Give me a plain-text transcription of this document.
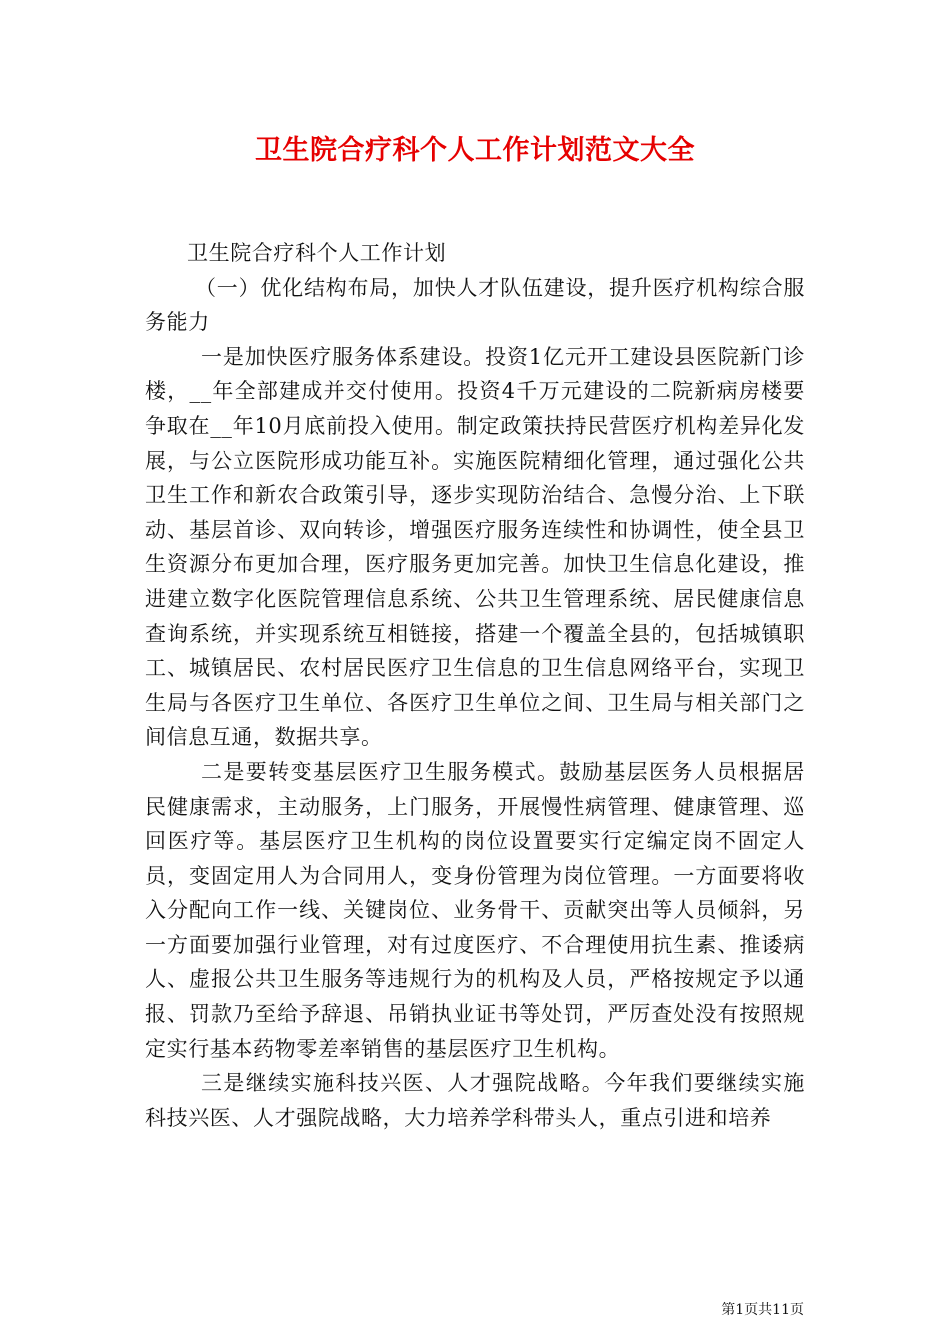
卫生院合疗科个人工作计划范文大全

卫生院合疗科个人工作计划

（一）优化结构布局，加快人才队伍建设，提升医疗机构综合服务能力

一是加快医疗服务体系建设。投资1亿元开工建设县医院新门诊楼，__年全部建成并交付使用。投资4千万元建设的二院新病房楼要争取在__年10月底前投入使用。制定政策扶持民营医疗机构差异化发展，与公立医院形成功能互补。实施医院精细化管理，通过强化公共卫生工作和新农合政策引导，逐步实现防治结合、急慢分治、上下联动、基层首诊、双向转诊，增强医疗服务连续性和协调性，使全县卫生资源分布更加合理，医疗服务更加完善。加快卫生信息化建设，推进建立数字化医院管理信息系统、公共卫生管理系统、居民健康信息查询系统，并实现系统互相链接，搭建一个覆盖全县的，包括城镇职工、城镇居民、农村居民医疗卫生信息的卫生信息网络平台，实现卫生局与各医疗卫生单位、各医疗卫生单位之间、卫生局与相关部门之间信息互通，数据共享。

二是要转变基层医疗卫生服务模式。鼓励基层医务人员根据居民健康需求，主动服务，上门服务，开展慢性病管理、健康管理、巡回医疗等。基层医疗卫生机构的岗位设置要实行定编定岗不固定人员，变固定用人为合同用人，变身份管理为岗位管理。一方面要将收入分配向工作一线、关键岗位、业务骨干、贡献突出等人员倾斜，另一方面要加强行业管理，对有过度医疗、不合理使用抗生素、推诿病人、虚报公共卫生服务等违规行为的机构及人员，严格按规定予以通报、罚款乃至给予辞退、吊销执业证书等处罚，严厉查处没有按照规定实行基本药物零差率销售的基层医疗卫生机构。

三是继续实施科技兴医、人才强院战略。今年我们要继续实施科技兴医、人才强院战略，大力培养学科带头人，重点引进和培养

第1页共11页
